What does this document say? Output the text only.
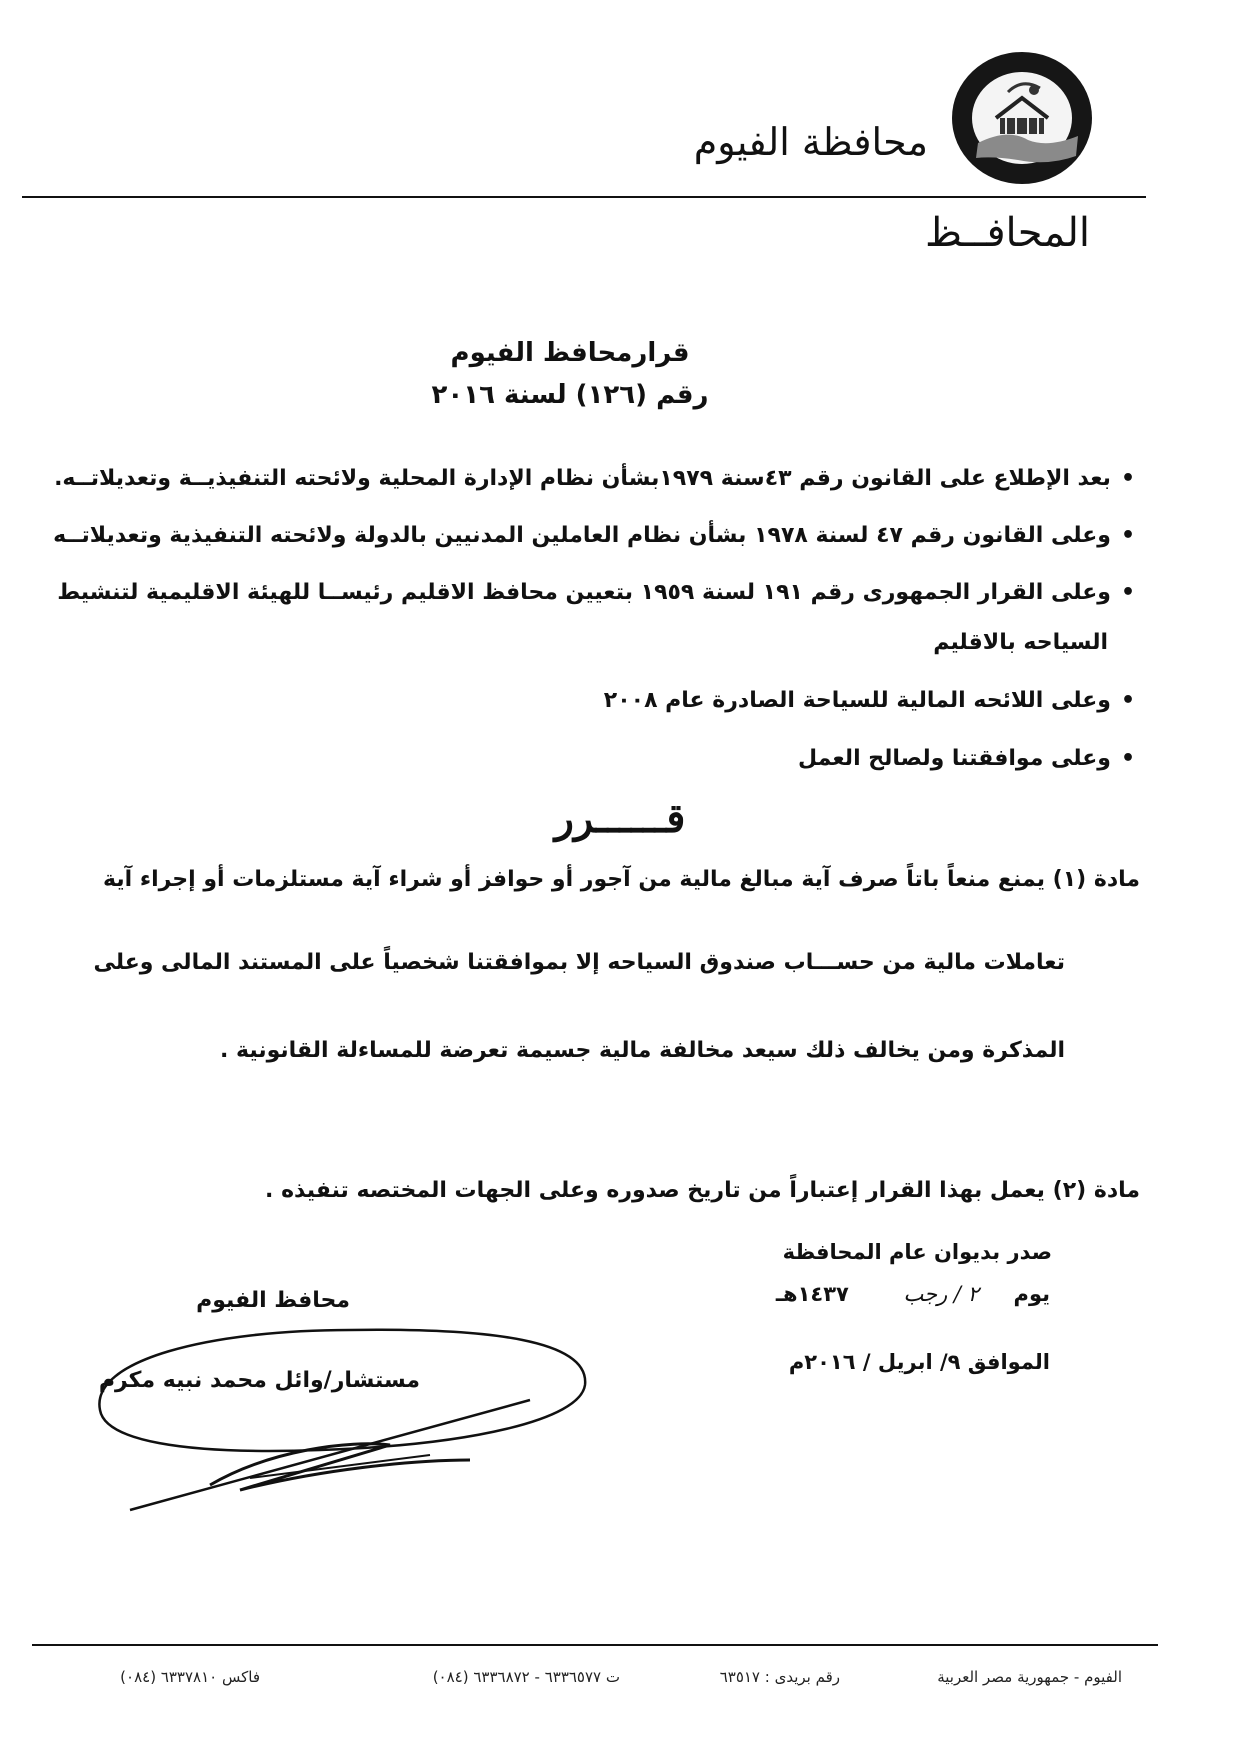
محافظة الفيوم
المحافــظ
قرارمحافظ الفيوم
رقم (١٢٦) لسنة ٢٠١٦
•بعد الإطلاع على القانون رقم ٤٣سنة ١٩٧٩بشأن نظام الإدارة المحلية ولائحته التنفيذيــة وتعديلاتــه.
•وعلى القانون رقم ٤٧ لسنة ١٩٧٨ بشأن نظام العاملين المدنيين بالدولة ولائحته التنفيذية وتعديلاتــه
•وعلى القرار الجمهورى رقم ١٩١ لسنة ١٩٥٩ بتعيين محافظ الاقليم رئيســا للهيئة الاقليمية لتنشيط
السياحه بالاقليم
•وعلى اللائحه المالية للسياحة الصادرة عام ٢٠٠٨
•وعلى موافقتنا ولصالح العمل
قــــــرر
مادة (١) يمنع منعاً باتاً صرف آية مبالغ مالية من آجور أو حوافز أو شراء آية مستلزمات أو إجراء آية
تعاملات مالية من حســـاب صندوق السياحه إلا بموافقتنا شخصياً على المستند المالى وعلى
المذكرة ومن يخالف ذلك سيعد مخالفة مالية جسيمة تعرضة للمساءلة القانونية .
مادة (٢) يعمل بهذا القرار إعتباراً من تاريخ صدوره وعلى الجهات المختصه تنفيذه .
صدر بديوان عام المحافظة
يوم  ٢ / رجب  ١٤٣٧هـ
الموافق ٩/ ابريل / ٢٠١٦م
محافظ الفيوم
مستشار/وائل محمد نبيه مكرم
الفيوم - جمهورية مصر العربية
رقم بريدى : ٦٣٥١٧
ت ٦٣٣٦٥٧٧ - ٦٣٣٦٨٧٢ (٠٨٤)
فاكس ٦٣٣٧٨١٠ (٠٨٤)
